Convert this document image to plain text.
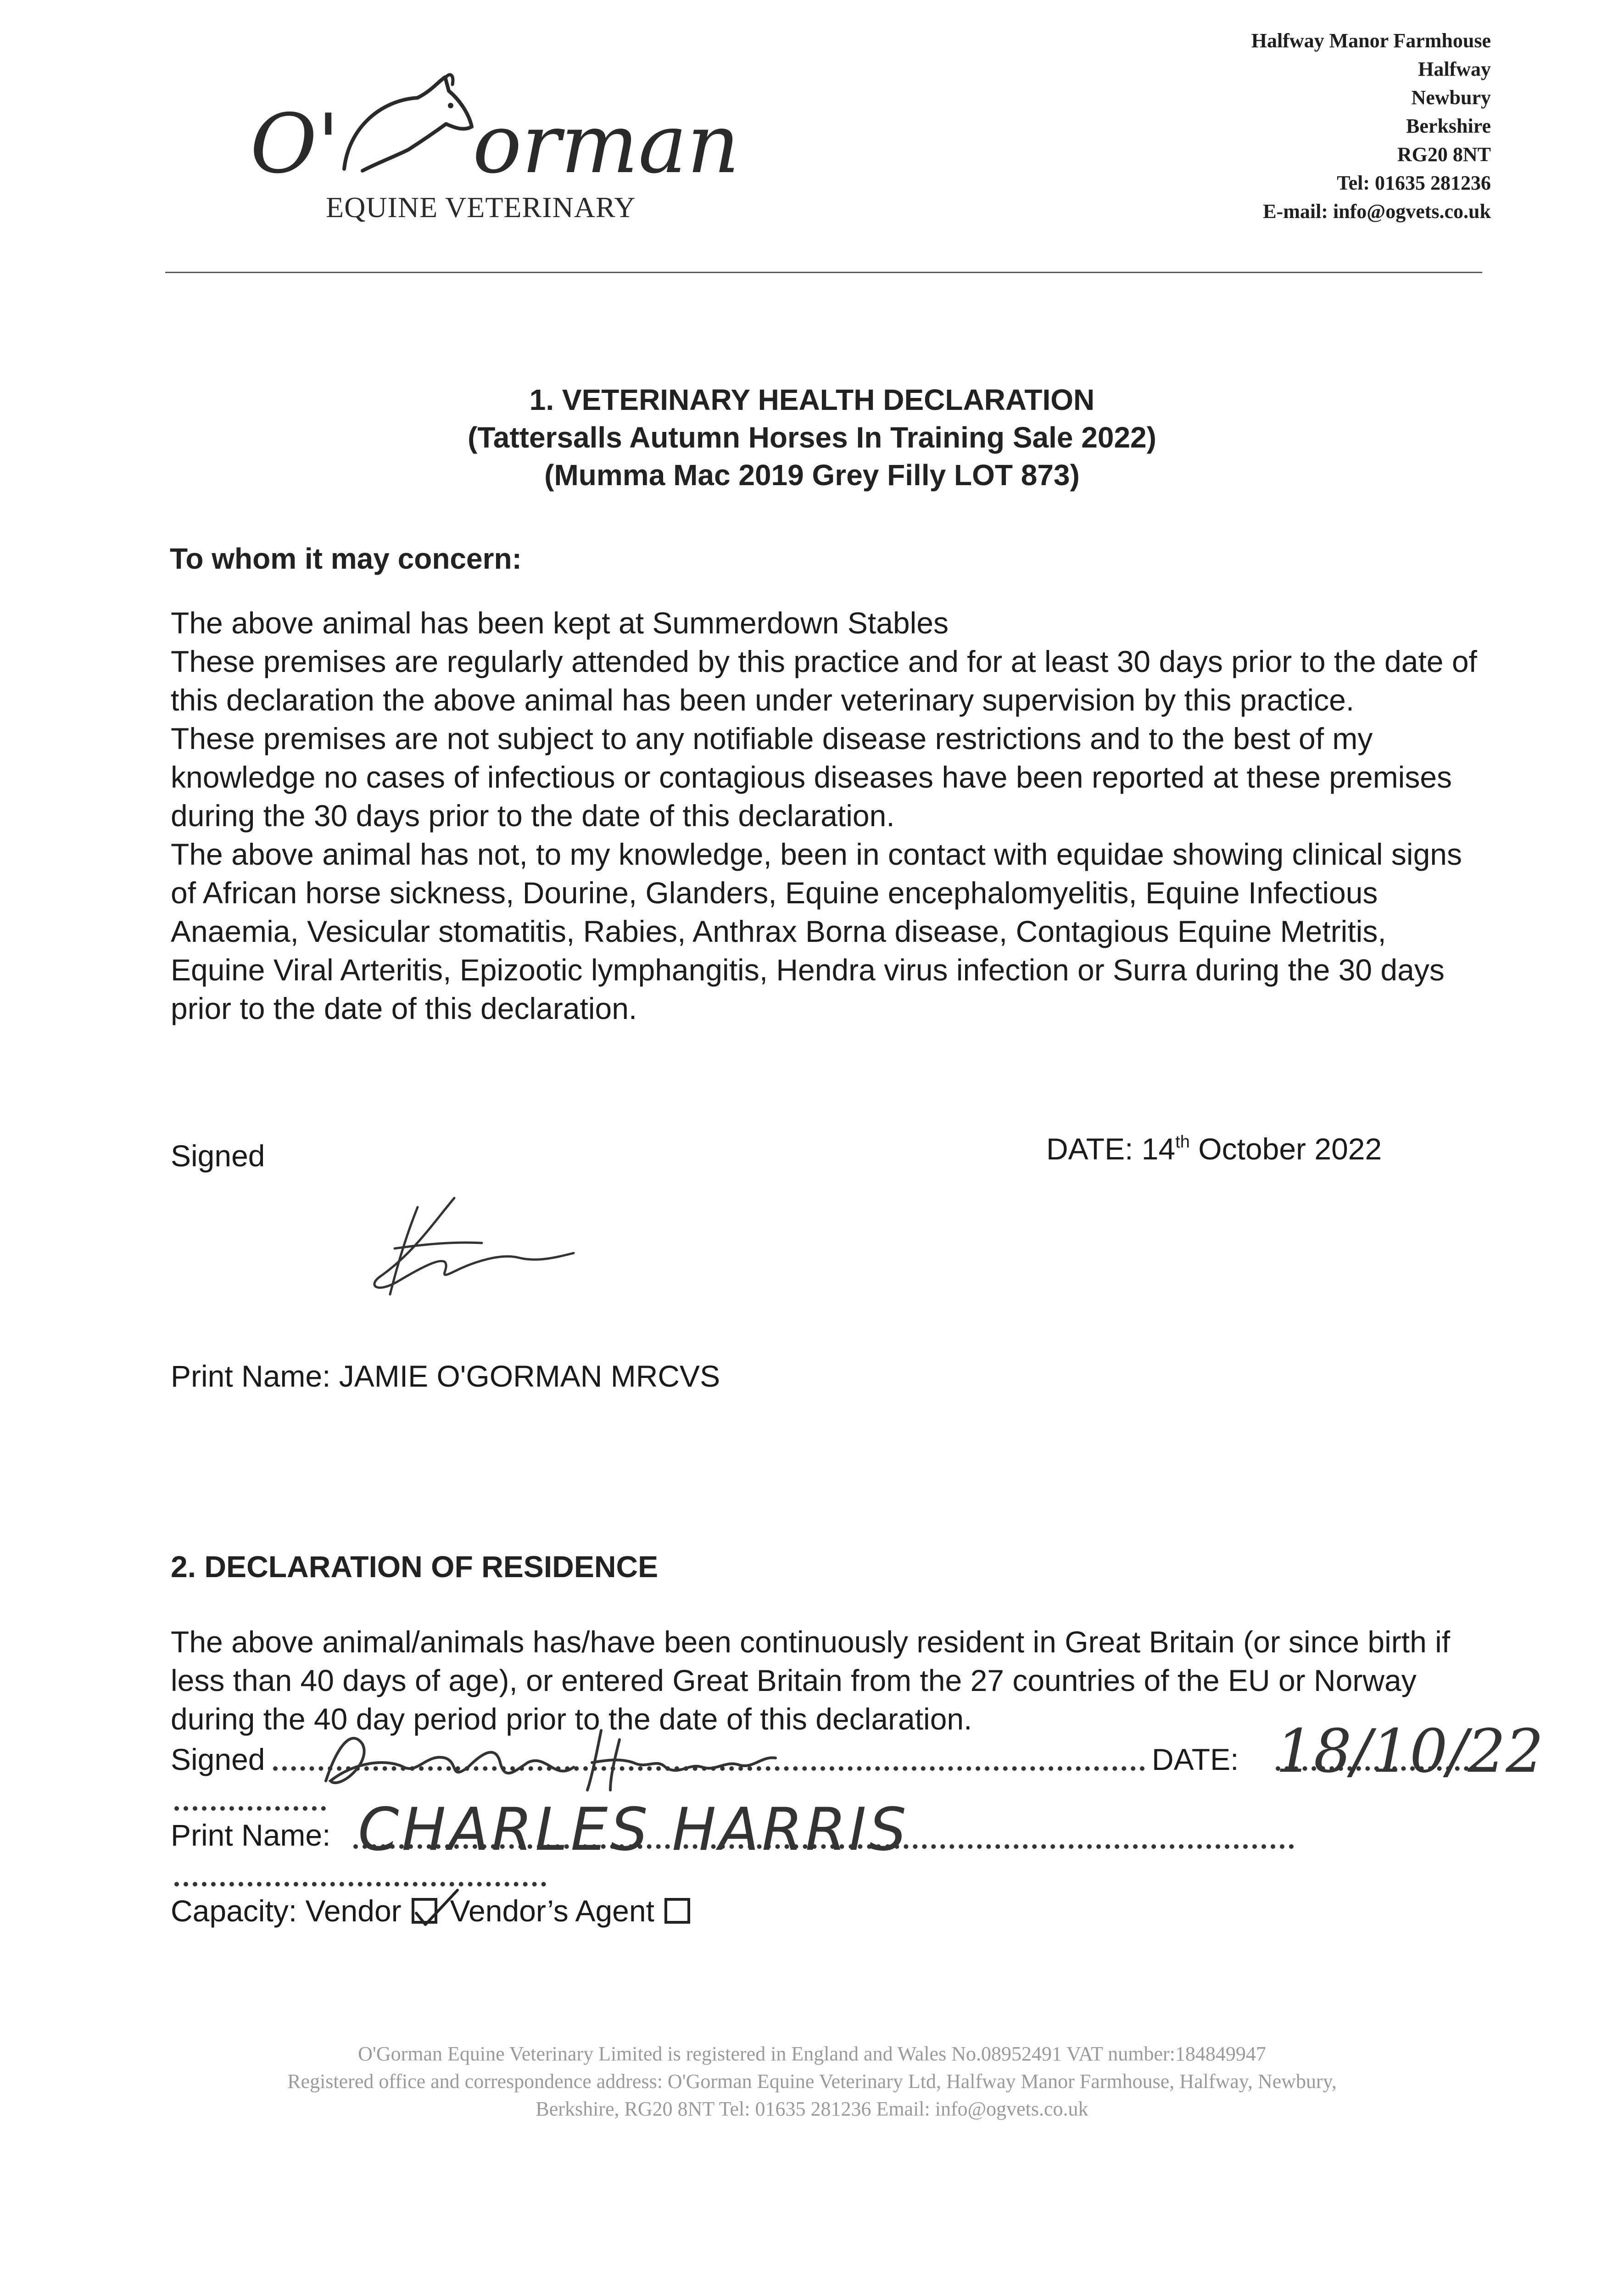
O' orman
EQUINE VETERINARY
Halfway Manor Farmhouse
Halfway
Newbury
Berkshire
RG20 8NT
Tel: 01635 281236
E-mail: info@ogvets.co.uk
1. VETERINARY HEALTH DECLARATION
(Tattersalls Autumn Horses In Training Sale 2022)
(Mumma Mac 2019 Grey Filly LOT 873)
To whom it may concern:

The above animal has been kept at Summerdown Stables

These premises are regularly attended by this practice and for at least 30 days prior to the date of this declaration the above animal has been under veterinary supervision by this practice.

These premises are not subject to any notifiable disease restrictions and to the best of my knowledge no cases of infectious or contagious diseases have been reported at these premises during the 30 days prior to the date of this declaration.

The above animal has not, to my knowledge, been in contact with equidae showing clinical signs of African horse sickness, Dourine, Glanders, Equine encephalomyelitis, Equine Infectious Anaemia, Vesicular stomatitis, Rabies, Anthrax Borna disease, Contagious Equine Metritis, Equine Viral Arteritis, Epizootic lymphangitis, Hendra virus infection or Surra during the 30 days prior to the date of this declaration.

Signed	DATE: 14th October 2022
Print Name: JAMIE O'GORMAN MRCVS
2. DECLARATION OF RESIDENCE

The above animal/animals has/have been continuously resident in Great Britain (or since birth if less than 40 days of age), or entered Great Britain from the 27 countries of the EU or Norway during the 40 day period prior to the date of this declaration.

Signed	DATE: 18/10/22
Print Name: CHARLES HARRIS
Capacity:
Vendor Vendor’s Agent
O'Gorman Equine Veterinary Limited is registered in England and Wales No.08952491 VAT number:184849947
Registered office and correspondence address: O'Gorman Equine Veterinary Ltd, Halfway Manor Farmhouse, Halfway, Newbury,
Berkshire, RG20 8NT Tel: 01635 281236 Email: info@ogvets.co.uk
